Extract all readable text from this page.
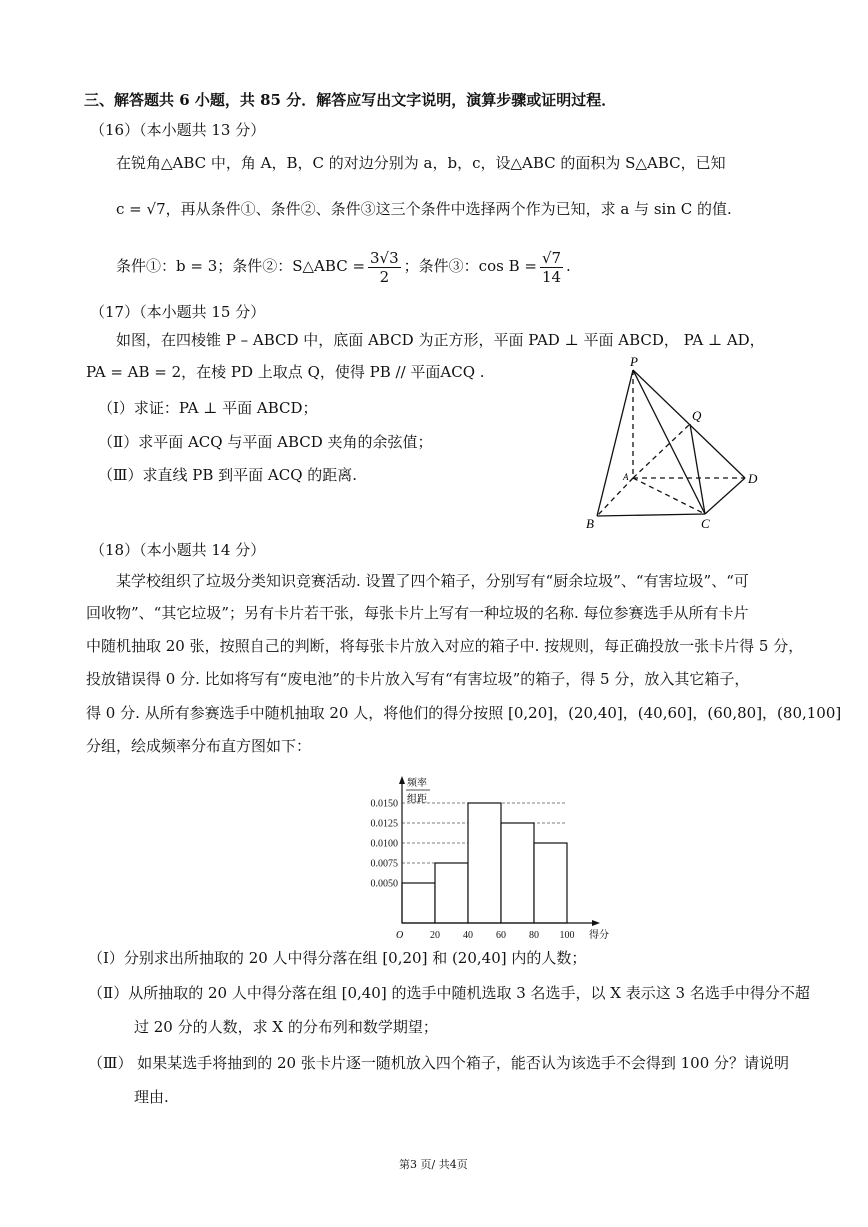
三、解答题共 6 小题，共 85 分．解答应写出文字说明，演算步骤或证明过程．
（16）（本小题共 13 分）
在锐角△ABC 中，角 A，B，C 的对边分别为 a，b，c，设△ABC 的面积为 S△ABC，已知
c = √7，再从条件①、条件②、条件③这三个条件中选择两个作为已知，求 a 与 sin C 的值.
条件①：b = 3；条件②：S△ABC = $\frac{3√3}{2}$ ；条件③：$\cos B = \frac{√7}{14}$ .
（17）（本小题共 15 分）
如图，在四棱锥 P – ABCD 中，底面 ABCD 为正方形，平面 PAD ⊥ 平面 ABCD， PA ⊥ AD，
PA = AB = 2，在棱 PD 上取点 Q，使得 PB // 平面ACQ .
（Ⅰ）求证：PA ⊥ 平面 ABCD；
（Ⅱ）求平面 ACQ 与平面 ABCD 夹角的余弦值；
（Ⅲ）求直线 PB 到平面 ACQ 的距离.
P
Q
A
B	C
D
（18）（本小题共 14 分）
某学校组织了垃圾分类知识竞赛活动. 设置了四个箱子，分别写有“厨余垃圾”、“有害垃圾”、“可
回收物”、“其它垃圾”；另有卡片若干张，每张卡片上写有一种垃圾的名称. 每位参赛选手从所有卡片
中随机抽取 20 张，按照自己的判断，将每张卡片放入对应的箱子中. 按规则，每正确投放一张卡片得 5 分，
投放错误得 0 分. 比如将写有“废电池”的卡片放入写有“有害垃圾”的箱子，得 5 分，放入其它箱子，
得 0 分. 从所有参赛选手中随机抽取 20 人，将他们的得分按照 [0,20]，(20,40]，(40,60]，(60,80]，(80,100]
分组，绘成频率分布直方图如下：
0.0150
0.0125
0.0100
0.0075
0.0050
20 40 60 80 100
频率
组距
得分
O
（Ⅰ）分别求出所抽取的 20 人中得分落在组 [0,20] 和 (20,40] 内的人数；
（Ⅱ）从所抽取的 20 人中得分落在组 [0,40] 的选手中随机选取 3 名选手，以 X 表示这 3 名选手中得分不超
过 20 分的人数，求 X 的分布列和数学期望；
（Ⅲ） 如果某选手将抽到的 20 张卡片逐一随机放入四个箱子，能否认为该选手不会得到 100 分？请说明
理由.
第3 页/ 共4页
